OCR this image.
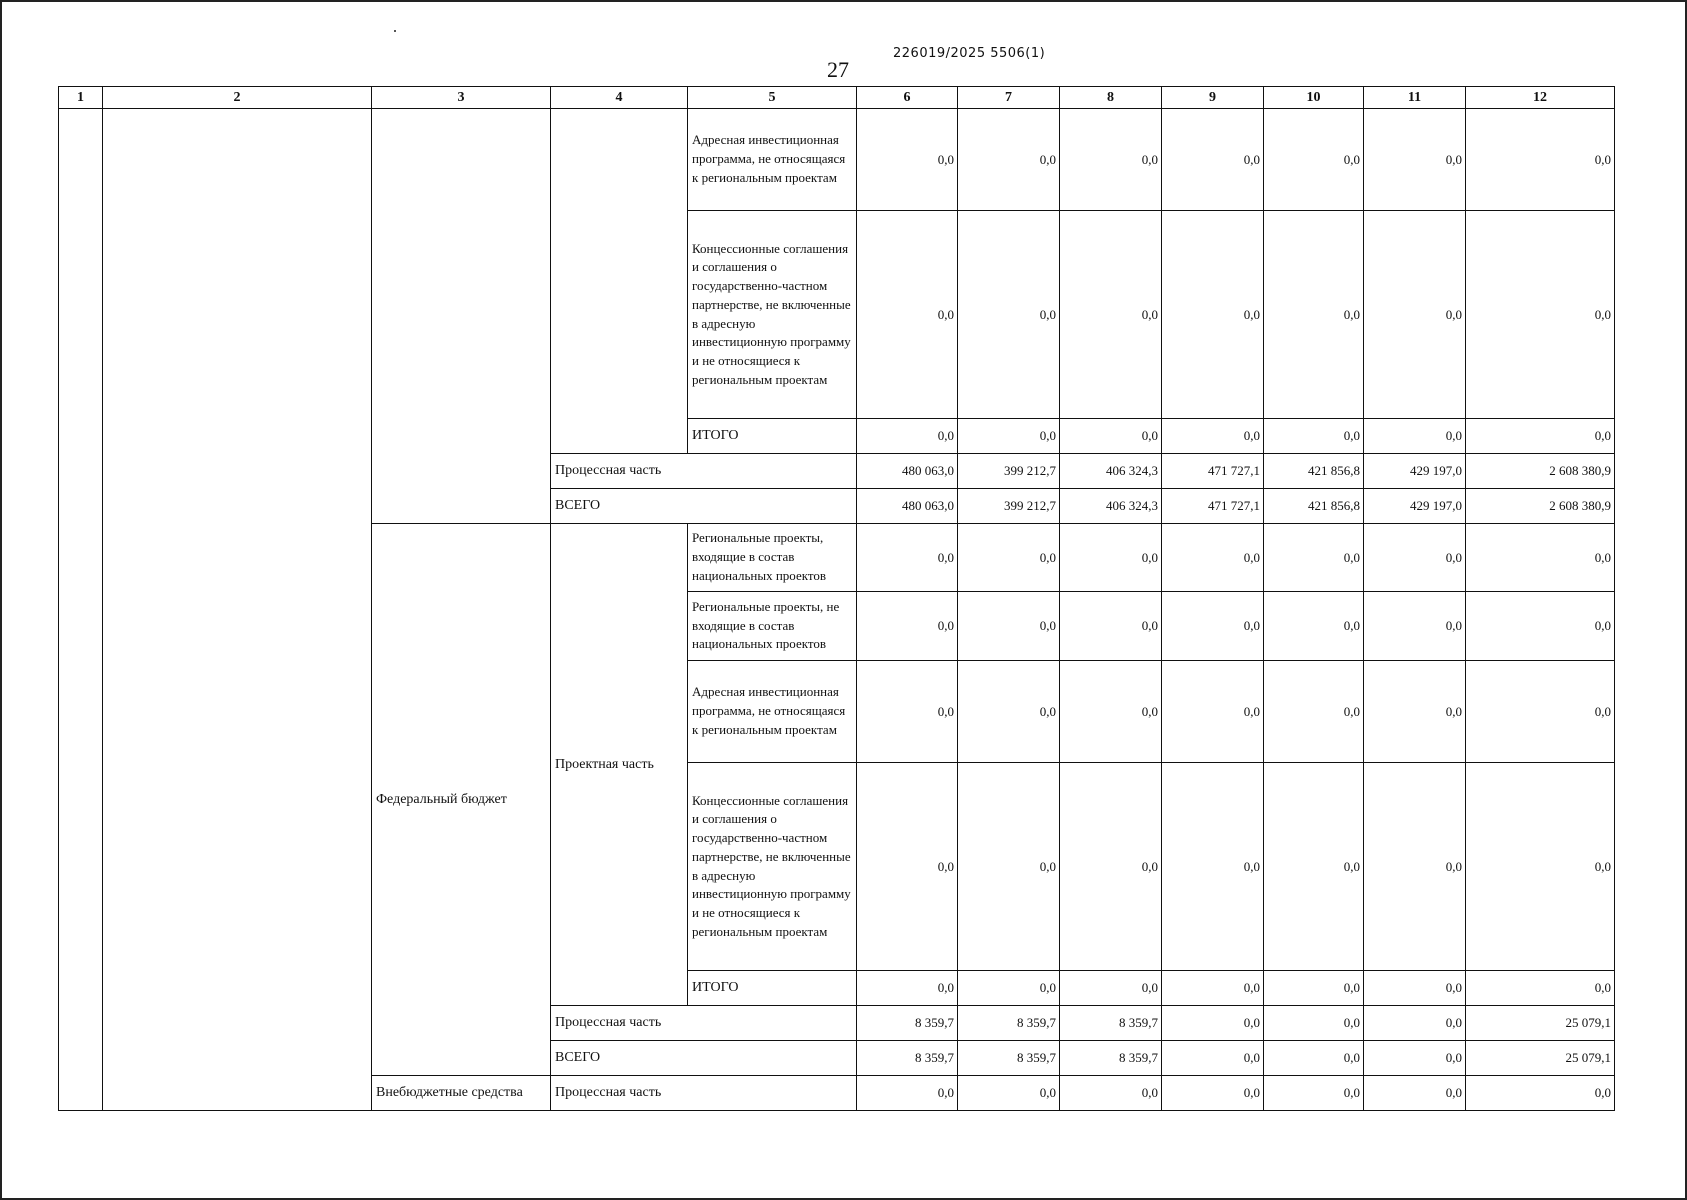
226019/2025 5506(1)
27
1	2	3	4	5	6	7	8	9	10	11	12
				Адресная инвестиционная программа, не относящаяся к региональным проектам	0,0	0,0	0,0	0,0	0,0	0,0	0,0
				Концессионные соглашения и соглашения о государственно-частном партнерстве, не включенные в адресную инвестиционную программу и не относящиеся к региональным проектам	0,0	0,0	0,0	0,0	0,0	0,0	0,0
				ИТОГО	0,0	0,0	0,0	0,0	0,0	0,0	0,0
			Процессная часть		480 063,0	399 212,7	406 324,3	471 727,1	421 856,8	429 197,0	2 608 380,9
			ВСЕГО		480 063,0	399 212,7	406 324,3	471 727,1	421 856,8	429 197,0	2 608 380,9
		Федеральный бюджет	Проектная часть	Региональные проекты, входящие в состав национальных проектов	0,0	0,0	0,0	0,0	0,0	0,0	0,0
				Региональные проекты, не входящие в состав национальных проектов	0,0	0,0	0,0	0,0	0,0	0,0	0,0
				Адресная инвестиционная программа, не относящаяся к региональным проектам	0,0	0,0	0,0	0,0	0,0	0,0	0,0
				Концессионные соглашения и соглашения о государственно-частном партнерстве, не включенные в адресную инвестиционную программу и не относящиеся к региональным проектам	0,0	0,0	0,0	0,0	0,0	0,0	0,0
				ИТОГО	0,0	0,0	0,0	0,0	0,0	0,0	0,0
			Процессная часть		8 359,7	8 359,7	8 359,7	0,0	0,0	0,0	25 079,1
			ВСЕГО		8 359,7	8 359,7	8 359,7	0,0	0,0	0,0	25 079,1
		Внебюджетные средства	Процессная часть		0,0	0,0	0,0	0,0	0,0	0,0	0,0
